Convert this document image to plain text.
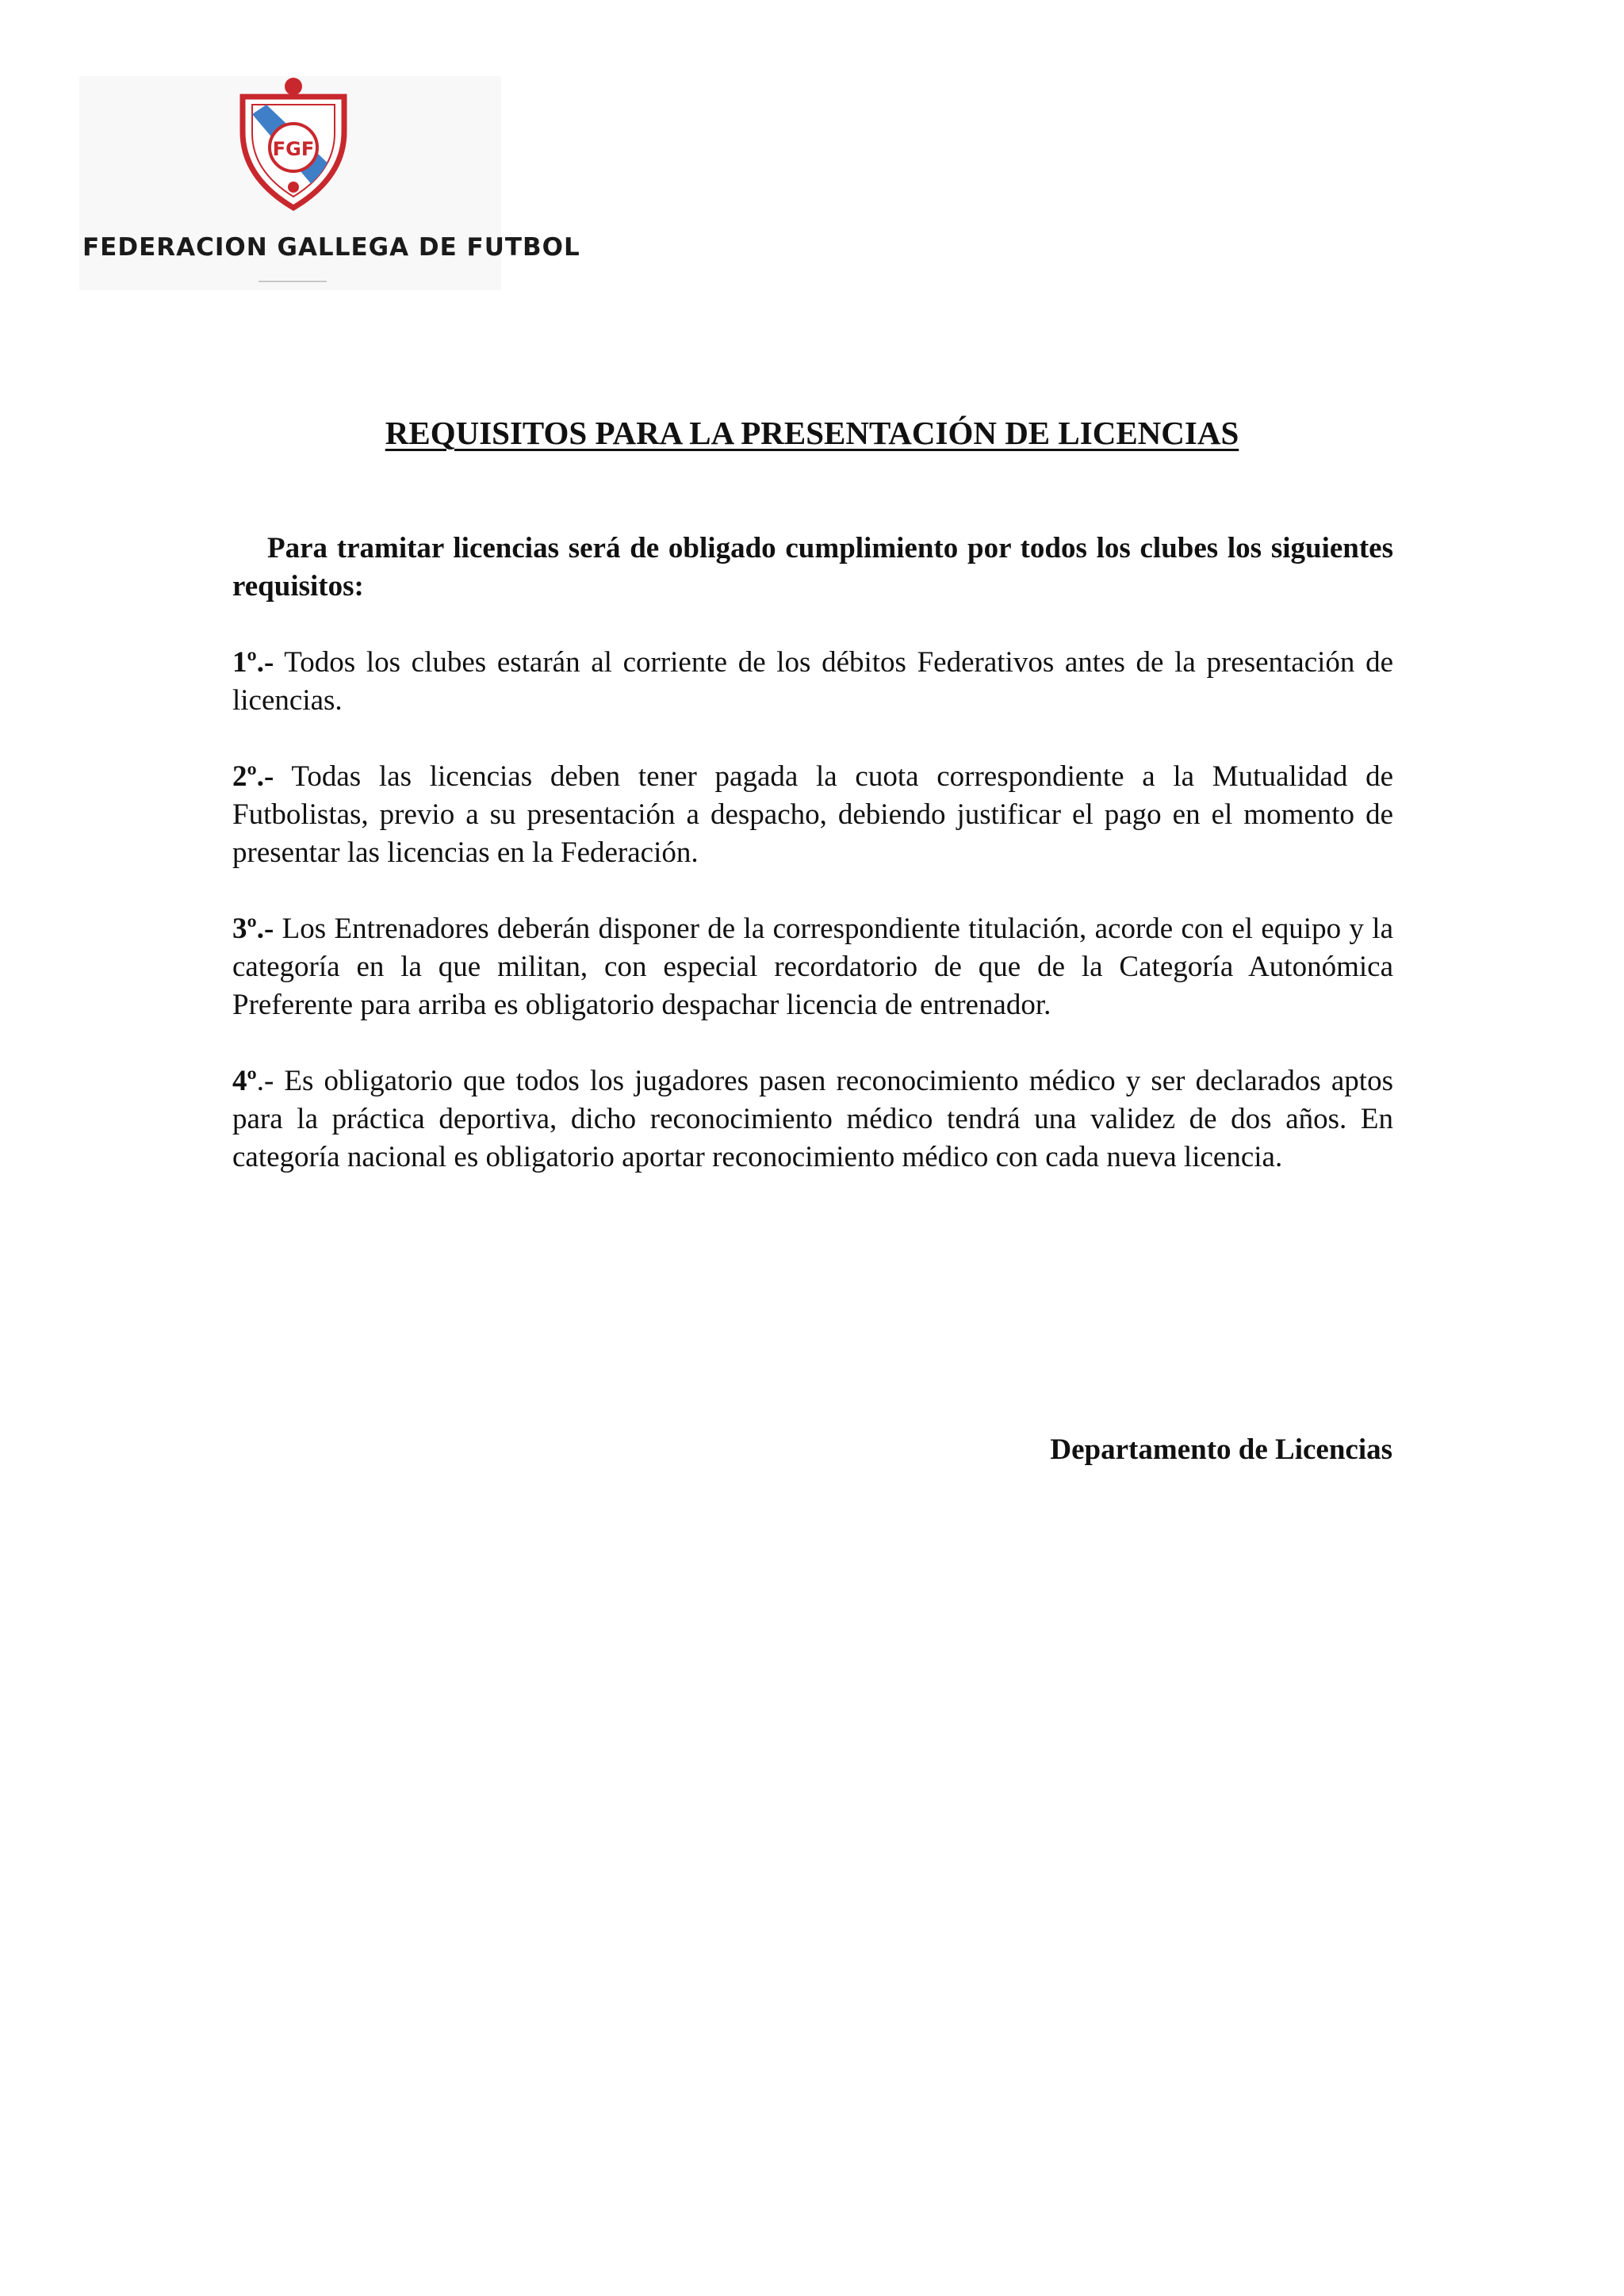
FGF
FEDERACION GALLEGA DE FUTBOL
REQUISITOS PARA LA PRESENTACIÓN DE LICENCIAS

Para tramitar licencias será de obligado cumplimiento por todos los clubes los siguientes requisitos:

1º.- Todos los clubes estarán al corriente de los débitos Federativos antes de la presentación de licencias.

2º.- Todas las licencias deben tener pagada la cuota correspondiente a la Mutualidad de Futbolistas, previo a su presentación a despacho, debiendo justificar el pago en el momento de presentar las licencias en la Federación.

3º.- Los Entrenadores deberán disponer de la correspondiente titulación, acorde con el equipo y la categoría en la que militan, con especial recordatorio de que de la Categoría Autonómica Preferente para arriba es obligatorio despachar licencia de entrenador.

4º.- Es obligatorio que todos los jugadores pasen reconocimiento médico y ser declarados aptos para la práctica deportiva, dicho reconocimiento médico tendrá una validez de dos años. En categoría nacional es obligatorio aportar reconocimiento médico con cada nueva licencia.

Departamento de Licencias
